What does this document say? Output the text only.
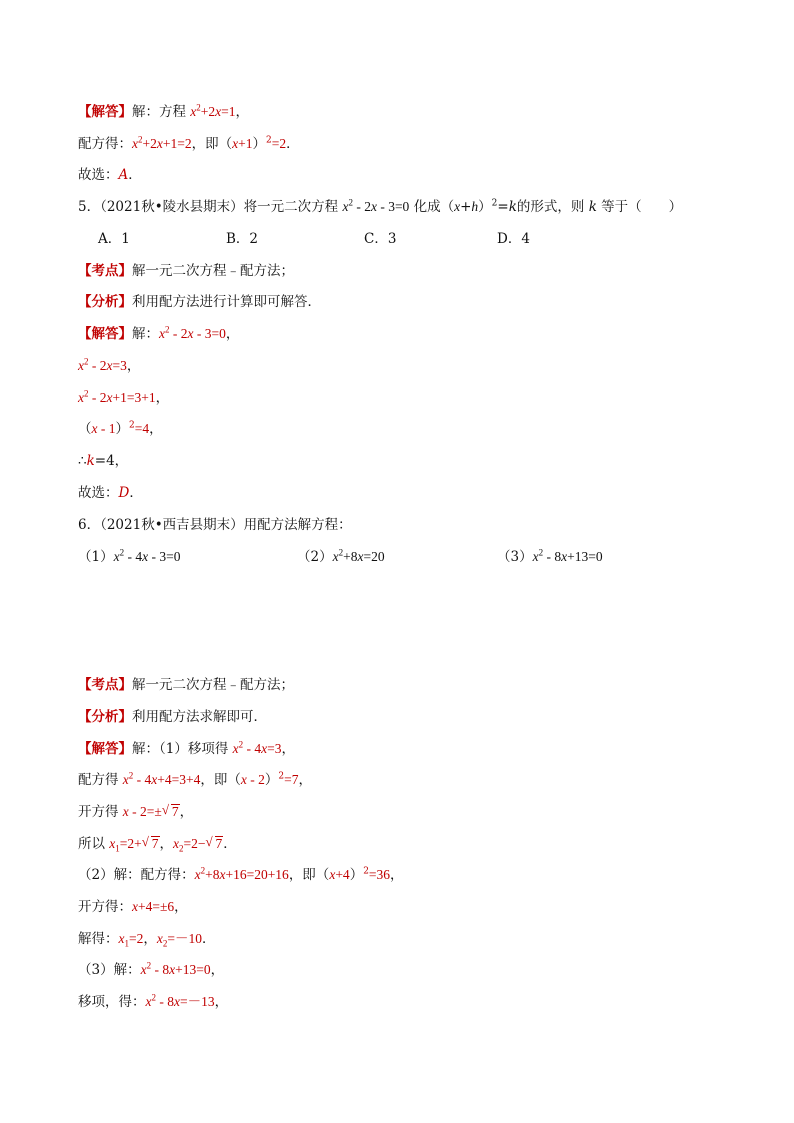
【解答】解：方程 $x^2+2x=1$，
配方得：$x^2+2x+1=2$，即$(x+1)^2=2$．
故选：A．
5．（2021秋•陵水县期末）将一元二次方程 $x^2 - 2x - 3=0$ 化成$(x+h)^2=k$的形式，则 k 等于（　　）
A．1	B．2	C．3	D．4
【考点】解一元二次方程﹣配方法；
【分析】利用配方法进行计算即可解答．
【解答】解：$x^2 - 2x - 3=0$，
$x^2 - 2x=3$，
$x^2 - 2x+1=3+1$，
（x - 1）$^2$=4，
∴k=4，
故选：D．
6．（2021秋•西吉县期末）用配方法解方程：
$(1)x^2 - 4x - 3=0$	$(2)x^2+8x=20$	$(3)x^2 - 8x+13=0$
【考点】解一元二次方程﹣配方法；
【分析】利用配方法求解即可．
【解答】解：（1）移项得 $x^2 - 4x=3$，
配方得 $x^2 - 4x+4=3+4$，即（x - 2）$^2$=7，
开方得 x - 2=±√ 7，
所以 $x_1=2+√$ 7，$x_2=2-√$ 7．
（2）解：配方得：$x^2+8x+16=20+16$，即$(x+4)^2=36$，
开方得：x+4=±6，
解得：$x_1=2$，$x_2=-10$．
（3）解：$x^2 - 8x+13=0$，
移项，得：$x^2 - 8x=-13$，
